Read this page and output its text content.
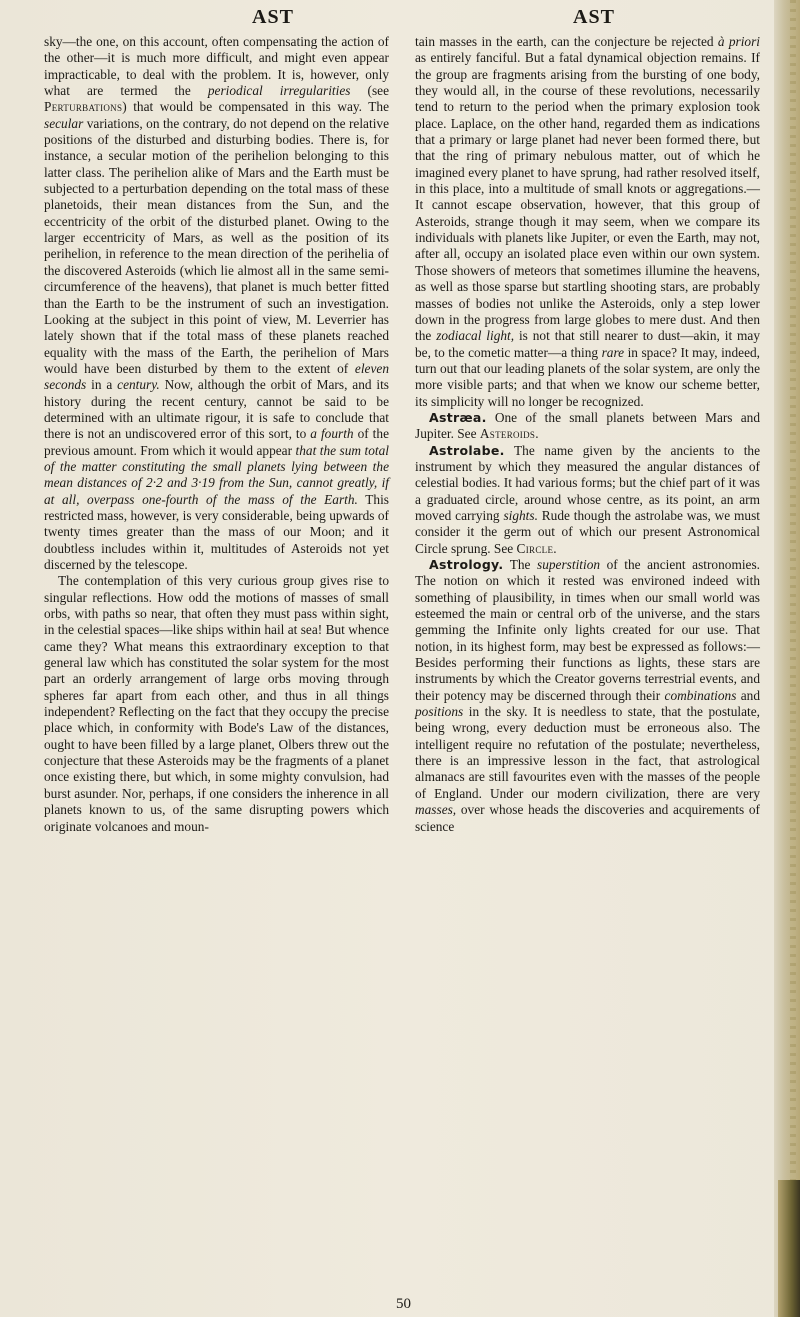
AST	AST

sky—the one, on this account, often compensating the action of the other—it is much more difficult, and might even appear impracticable, to deal with the problem. It is, however, only what are termed the periodical irregularities (see Perturbations) that would be compensated in this way. The secular variations, on the contrary, do not depend on the relative positions of the disturbed and disturbing bodies. There is, for instance, a secular motion of the perihelion belonging to this latter class. The perihelion alike of Mars and the Earth must be subjected to a perturbation depending on the total mass of these planetoids, their mean distances from the Sun, and the eccentricity of the orbit of the disturbed planet. Owing to the larger eccentricity of Mars, as well as the position of its perihelion, in reference to the mean direction of the perihelia of the discovered Asteroids (which lie almost all in the same semi-circumference of the heavens), that planet is much better fitted than the Earth to be the instrument of such an investigation. Looking at the subject in this point of view, M. Leverrier has lately shown that if the total mass of these planets reached equality with the mass of the Earth, the perihelion of Mars would have been disturbed by them to the extent of eleven seconds in a century. Now, although the orbit of Mars, and its history during the recent century, cannot be said to be determined with an ultimate rigour, it is safe to conclude that there is not an undiscovered error of this sort, to a fourth of the previous amount. From which it would appear that the sum total of the matter constituting the small planets lying between the mean distances of 2·2 and 3·19 from the Sun, cannot greatly, if at all, overpass one-fourth of the mass of the Earth. This restricted mass, however, is very considerable, being upwards of twenty times greater than the mass of our Moon; and it doubtless includes within it, multitudes of Asteroids not yet discerned by the telescope.

The contemplation of this very curious group gives rise to singular reflections. How odd the motions of masses of small orbs, with paths so near, that often they must pass within sight, in the celestial spaces—like ships within hail at sea! But whence came they? What means this extraordinary exception to that general law which has constituted the solar system for the most part an orderly arrangement of large orbs moving through spheres far apart from each other, and thus in all things independent? Reflecting on the fact that they occupy the precise place which, in conformity with Bode's Law of the distances, ought to have been filled by a large planet, Olbers threw out the conjecture that these Asteroids may be the fragments of a planet once existing there, but which, in some mighty convulsion, had burst asunder. Nor, perhaps, if one considers the inherence in all planets known to us, of the same disrupting powers which originate volcanoes and moun-

tain masses in the earth, can the conjecture be rejected à priori as entirely fanciful. But a fatal dynamical objection remains. If the group are fragments arising from the bursting of one body, they would all, in the course of these revolutions, necessarily tend to return to the period when the primary explosion took place. Laplace, on the other hand, regarded them as indications that a primary or large planet had never been formed there, but that the ring of primary nebulous matter, out of which he imagined every planet to have sprung, had rather resolved itself, in this place, into a multitude of small knots or aggregations.—It cannot escape observation, however, that this group of Asteroids, strange though it may seem, when we compare its individuals with planets like Jupiter, or even the Earth, may not, after all, occupy an isolated place even within our own system. Those showers of meteors that sometimes illumine the heavens, as well as those sparse but startling shooting stars, are probably masses of bodies not unlike the Asteroids, only a step lower down in the progress from large globes to mere dust. And then the zodiacal light, is not that still nearer to dust—akin, it may be, to the cometic matter—a thing rare in space? It may, indeed, turn out that our leading planets of the solar system, are only the more visible parts; and that when we know our scheme better, its simplicity will no longer be recognized.

Astræa. One of the small planets between Mars and Jupiter. See Asteroids.

Astrolabe. The name given by the ancients to the instrument by which they measured the angular distances of celestial bodies. It had various forms; but the chief part of it was a graduated circle, around whose centre, as its point, an arm moved carrying sights. Rude though the astrolabe was, we must consider it the germ out of which our present Astronomical Circle sprung. See Circle.

Astrology. The superstition of the ancient astronomies. The notion on which it rested was environed indeed with something of plausibility, in times when our small world was esteemed the main or central orb of the universe, and the stars gemming the Infinite only lights created for our use. That notion, in its highest form, may best be expressed as follows:—Besides performing their functions as lights, these stars are instruments by which the Creator governs terrestrial events, and their potency may be discerned through their combinations and positions in the sky. It is needless to state, that the postulate, being wrong, every deduction must be erroneous also. The intelligent require no refutation of the postulate; nevertheless, there is an impressive lesson in the fact, that astrological almanacs are still favourites even with the masses of the people of England. Under our modern civilization, there are very masses, over whose heads the discoveries and acquirements of science

50
